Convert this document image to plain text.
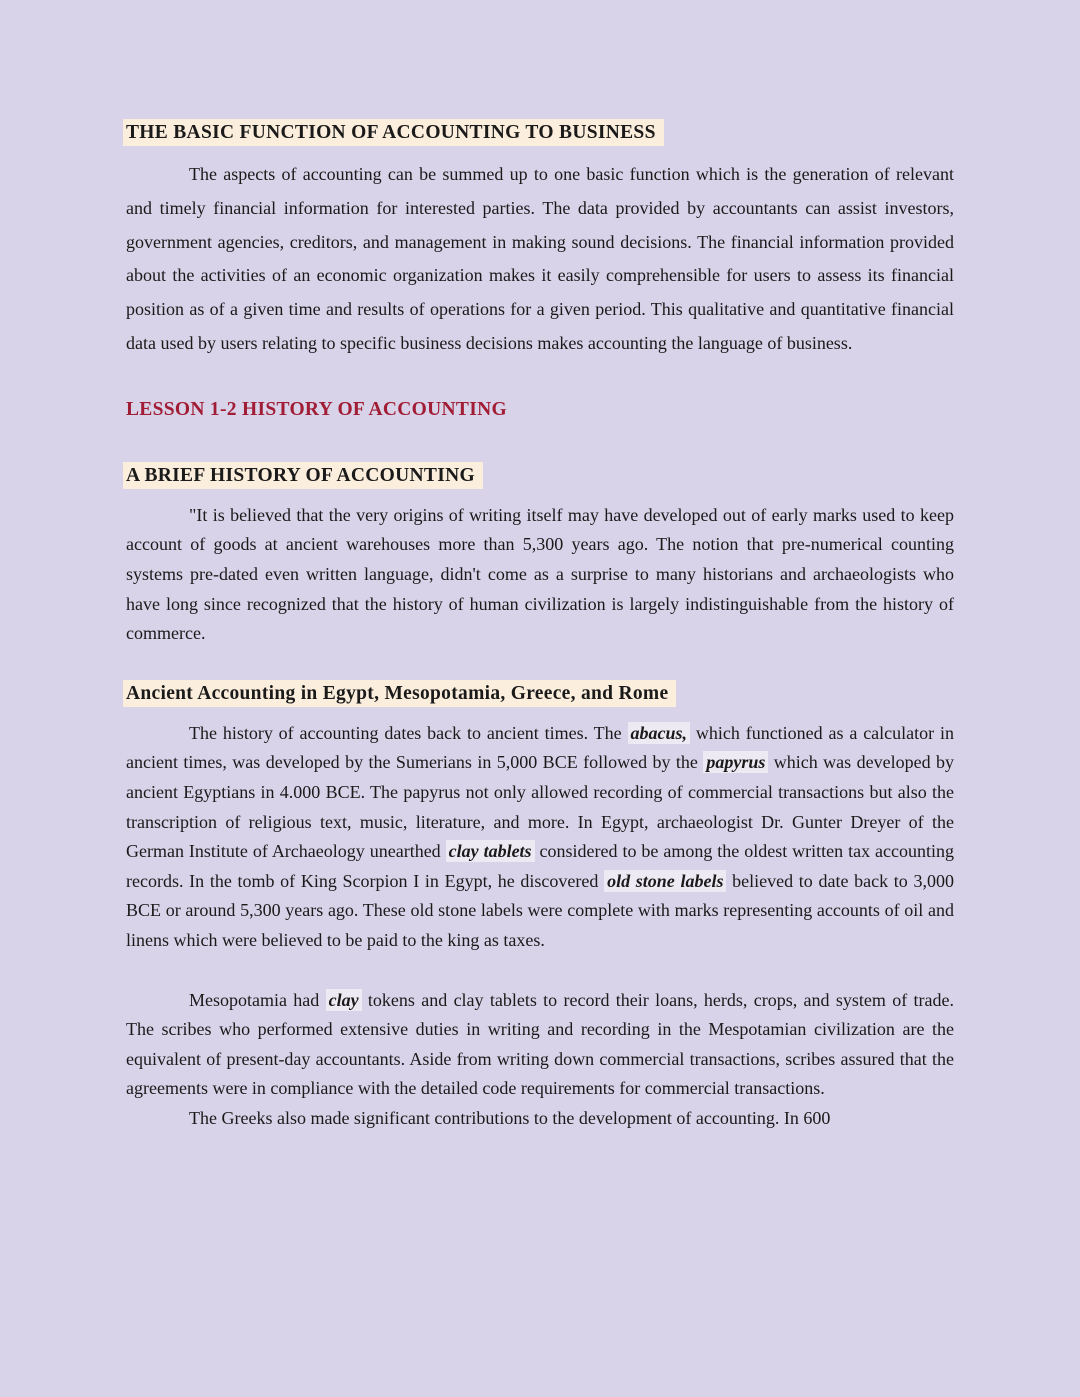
THE BASIC FUNCTION OF ACCOUNTING TO BUSINESS

The aspects of accounting can be summed up to one basic function which is the generation of relevant and timely financial information for interested parties. The data provided by accountants can assist investors, government agencies, creditors, and management in making sound decisions. The financial information provided about the activities of an economic organization makes it easily comprehensible for users to assess its financial position as of a given time and results of operations for a given period. This qualitative and quantitative financial data used by users relating to specific business decisions makes accounting the language of business.

LESSON 1-2 HISTORY OF ACCOUNTING
A BRIEF HISTORY OF ACCOUNTING

"It is believed that the very origins of writing itself may have developed out of early marks used to keep account of goods at ancient warehouses more than 5,300 years ago. The notion that pre-numerical counting systems pre-dated even written language, didn't come as a surprise to many historians and archaeologists who have long since recognized that the history of human civilization is largely indistinguishable from the history of commerce.

Ancient Accounting in Egypt, Mesopotamia, Greece, and Rome

The history of accounting dates back to ancient times. The abacus, which functioned as a calculator in ancient times, was developed by the Sumerians in 5,000 BCE followed by the papyrus which was developed by ancient Egyptians in 4.000 BCE. The papyrus not only allowed recording of commercial transactions but also the transcription of religious text, music, literature, and more. In Egypt, archaeologist Dr. Gunter Dreyer of the German Institute of Archaeology unearthed clay tablets considered to be among the oldest written tax accounting records. In the tomb of King Scorpion I in Egypt, he discovered old stone labels believed to date back to 3,000 BCE or around 5,300 years ago. These old stone labels were complete with marks representing accounts of oil and linens which were believed to be paid to the king as taxes.

Mesopotamia had clay tokens and clay tablets to record their loans, herds, crops, and system of trade. The scribes who performed extensive duties in writing and recording in the Mespotamian civilization are the equivalent of present-day accountants. Aside from writing down commercial transactions, scribes assured that the agreements were in compliance with the detailed code requirements for commercial transactions.

The Greeks also made significant contributions to the development of accounting. In 600
